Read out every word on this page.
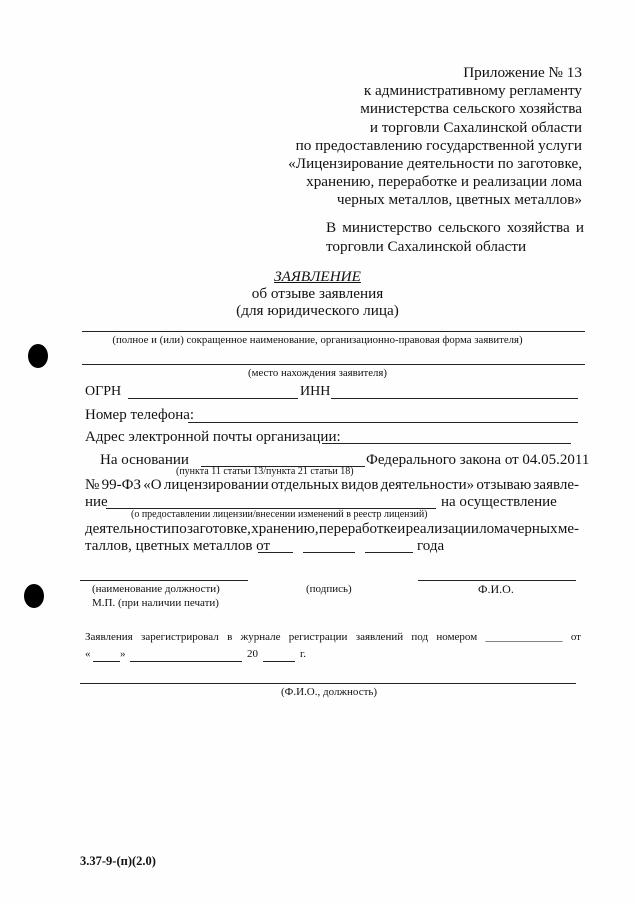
Приложение № 13
к административному регламенту
министерства сельского хозяйства
и торговли Сахалинской области
по предоставлению государственной услуги
«Лицензирование деятельности по заготовке,
хранению, переработке и реализации лома
черных металлов, цветных металлов»
В министерство сельского хозяйства и
торговли Сахалинской области
ЗАЯВЛЕНИЕ
об отзыве заявления
(для юридического лица)
(полное и (или) сокращенное наименование, организационно-правовая форма заявителя)
(место нахождения заявителя)
ОГРН	ИНН
Номер телефона:
Адрес электронной почты организации:
На основании	Федерального закона от 04.05.2011
(пункта 11 статьи 13/пункта 21 статьи 18)
№ 99-ФЗ «О лицензировании отдельных видов деятельности» отзываю заявле-
ние	на осуществление
(о предоставлении лицензии/внесении изменений в реестр лицензий)
деятельности по заготовке, хранению, переработке и реализации лома черных ме-
таллов, цветных металлов от	года
(наименование должности)	(подпись)	Ф.И.О.
М.П. (при наличии печати)
Заявления зарегистрировал в журнале регистрации заявлений под номером ______________ от
«	»	20	г.
(Ф.И.О., должность)
3.37-9-(п)(2.0)
